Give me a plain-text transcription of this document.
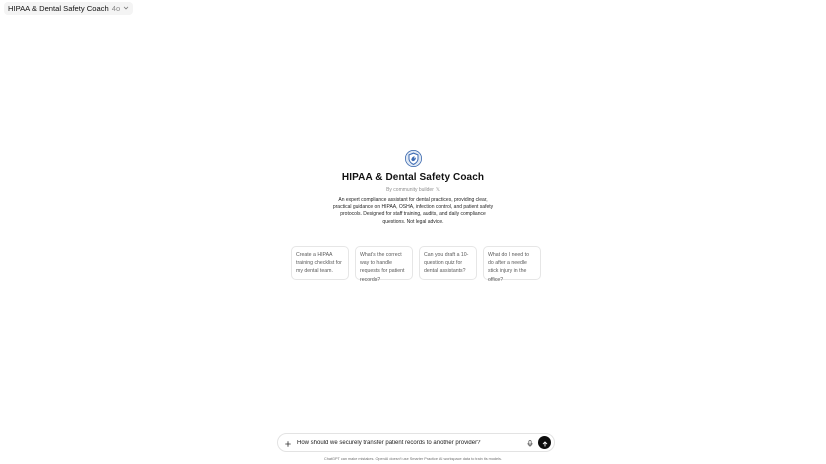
HIPAA & Dental Safety Coach 4o
HIPAA & Dental Safety Coach
By community builder 𝕏
An expert compliance assistant for dental practices, providing clear, practical guidance on HIPAA, OSHA, infection control, and patient safety protocols. Designed for staff training, audits, and daily compliance questions. Not legal advice.
Create a HIPAA training checklist for my dental team.
What's the correct way to handle requests for patient records?
Can you draft a 10-question quiz for dental assistants?
What do I need to do after a needle stick injury in the office?
How should we securely transfer patient records to another provider?
ChatGPT can make mistakes. OpenAI doesn't use Smarter Practice AI workspace data to train its models.
